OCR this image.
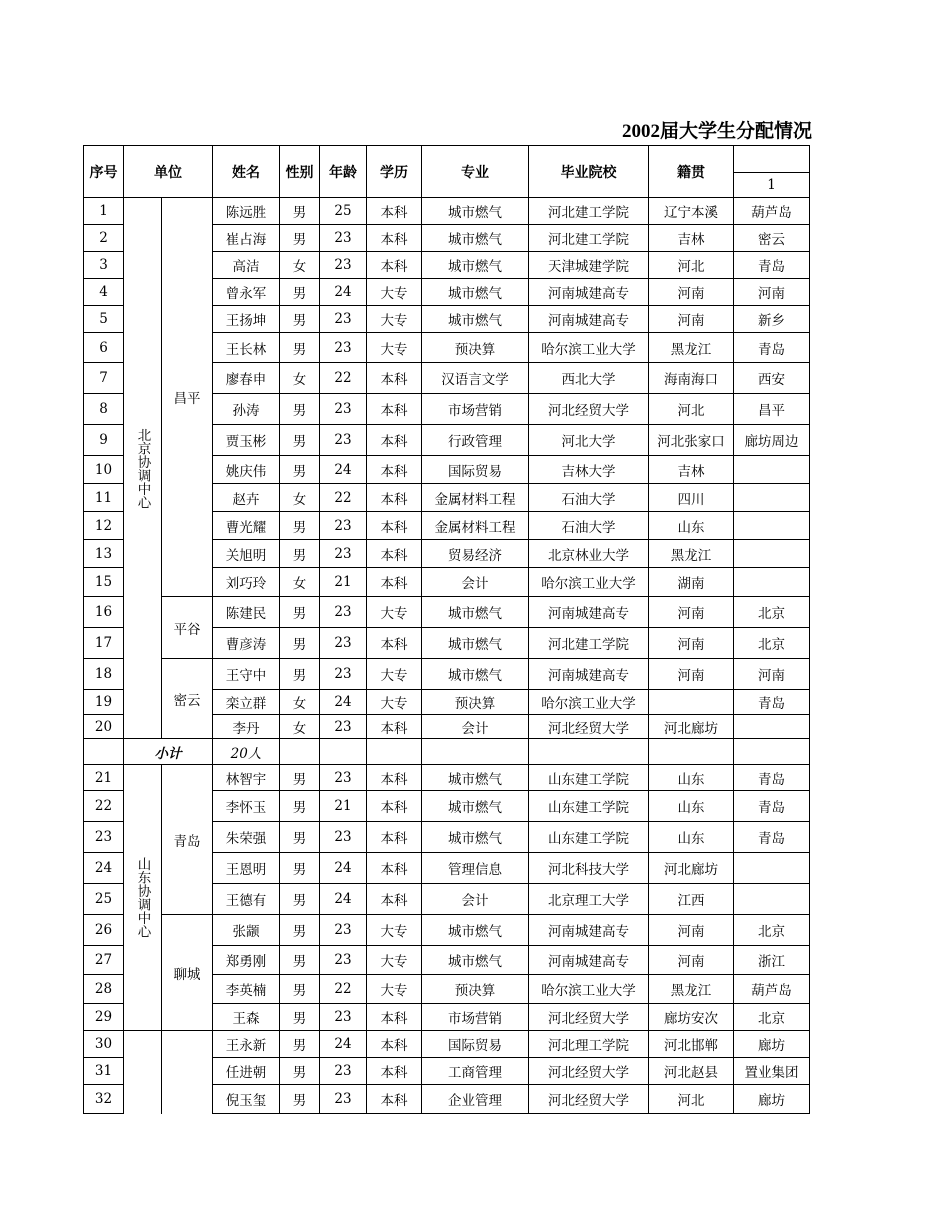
2002届大学生分配情况
序号	单位		姓名	性别	年龄	学历	专业	毕业院校	籍贯	
										1
1	北京协调中心	昌平	陈远胜	男	25	本科	城市燃气	河北建工学院	辽宁本溪	葫芦岛
2			崔占海	男	23	本科	城市燃气	河北建工学院	吉林	密云
3			高洁	女	23	本科	城市燃气	天津城建学院	河北	青岛
4			曾永军	男	24	大专	城市燃气	河南城建高专	河南	河南
5			王扬坤	男	23	大专	城市燃气	河南城建高专	河南	新乡
6			王长林	男	23	大专	预决算	哈尔滨工业大学	黑龙江	青岛
7			廖春申	女	22	本科	汉语言文学	西北大学	海南海口	西安
8			孙涛	男	23	本科	市场营销	河北经贸大学	河北	昌平
9			贾玉彬	男	23	本科	行政管理	河北大学	河北张家口	廊坊周边
10			姚庆伟	男	24	本科	国际贸易	吉林大学	吉林	
11			赵卉	女	22	本科	金属材料工程	石油大学	四川	
12			曹光耀	男	23	本科	金属材料工程	石油大学	山东	
13			关旭明	男	23	本科	贸易经济	北京林业大学	黑龙江	
15			刘巧玲	女	21	本科	会计	哈尔滨工业大学	湖南	
16		平谷	陈建民	男	23	大专	城市燃气	河南城建高专	河南	北京
17			曹彦涛	男	23	本科	城市燃气	河北建工学院	河南	北京
18		密云	王守中	男	23	大专	城市燃气	河南城建高专	河南	河南
19			栾立群	女	24	大专	预决算	哈尔滨工业大学		青岛
20			李丹	女	23	本科	会计	河北经贸大学	河北廊坊	
	小计		20人							
21	山东协调中心	青岛	林智宇	男	23	本科	城市燃气	山东建工学院	山东	青岛
22			李怀玉	男	21	本科	城市燃气	山东建工学院	山东	青岛
23			朱荣强	男	23	本科	城市燃气	山东建工学院	山东	青岛
24			王恩明	男	24	本科	管理信息	河北科技大学	河北廊坊	
25			王德有	男	24	本科	会计	北京理工大学	江西	
26		聊城	张颛	男	23	大专	城市燃气	河南城建高专	河南	北京
27			郑勇刚	男	23	大专	城市燃气	河南城建高专	河南	浙江
28			李英楠	男	22	大专	预决算	哈尔滨工业大学	黑龙江	葫芦岛
29			王森	男	23	本科	市场营销	河北经贸大学	廊坊安次	北京
30			王永新	男	24	本科	国际贸易	河北理工学院	河北邯郸	廊坊
31			任进朝	男	23	本科	工商管理	河北经贸大学	河北赵县	置业集团
32			倪玉玺	男	23	本科	企业管理	河北经贸大学	河北	廊坊
